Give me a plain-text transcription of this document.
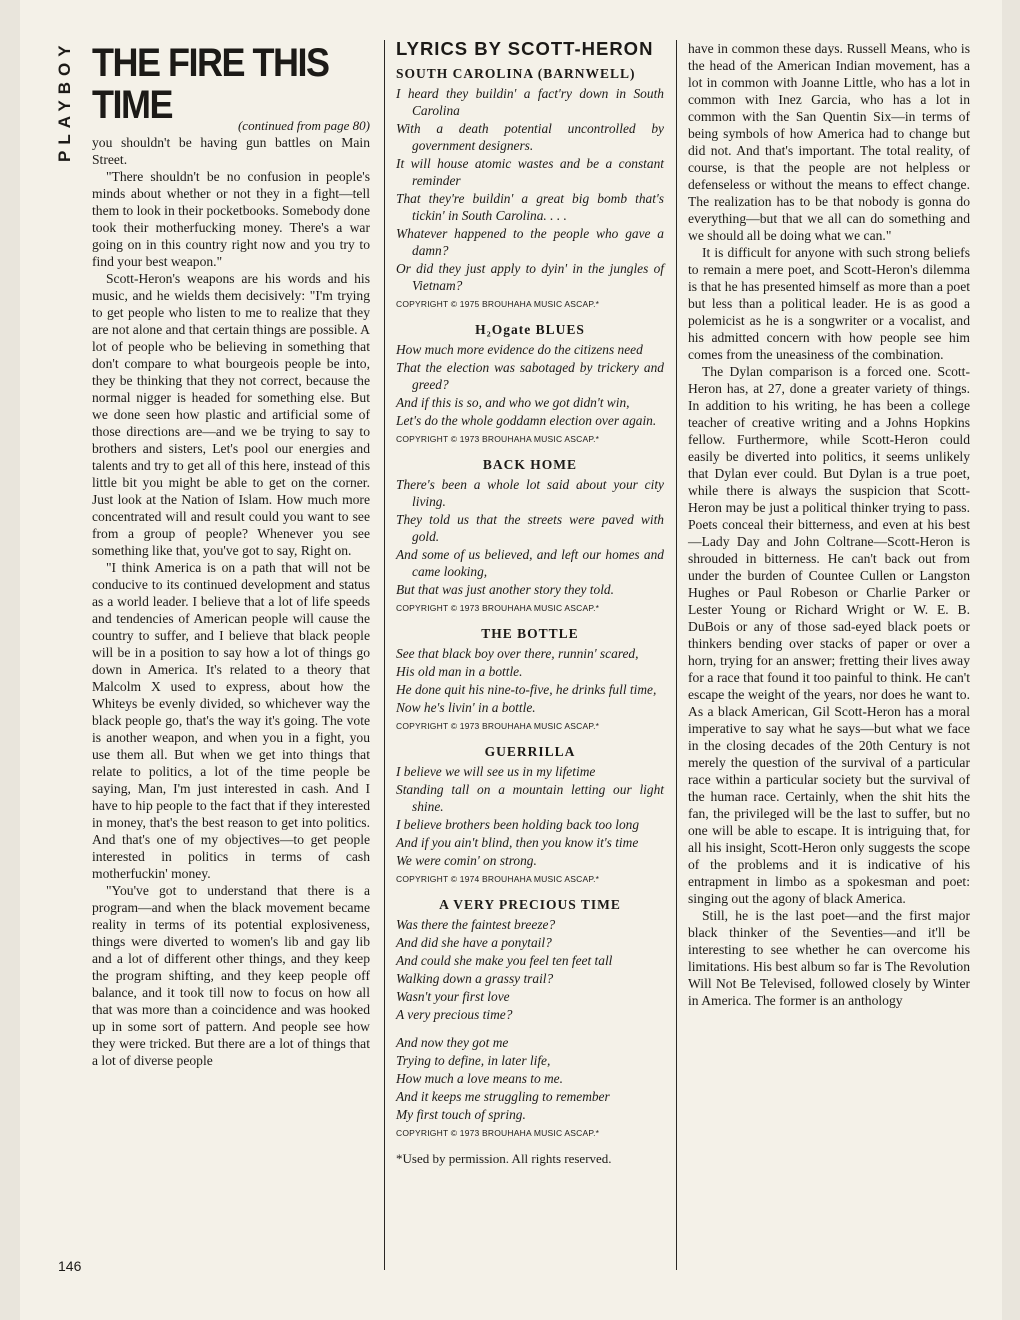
PLAYBOY
146
THE FIRE THIS TIME	(continued from page 80)

you shouldn't be having gun battles on Main Street.

"There shouldn't be no confusion in people's minds about whether or not they in a fight—tell them to look in their pocketbooks. Somebody done took their motherfucking money. There's a war going on in this country right now and you try to find your best weapon."

Scott-Heron's weapons are his words and his music, and he wields them decisively: "I'm trying to get people who listen to me to realize that they are not alone and that certain things are possible. A lot of people who be believing in something that don't compare to what bourgeois people be into, they be thinking that they not correct, because the normal nigger is headed for something else. But we done seen how plastic and artificial some of those directions are—and we be trying to say to brothers and sisters, Let's pool our energies and talents and try to get all of this here, instead of this little bit you might be able to get on the corner. Just look at the Nation of Islam. How much more concentrated will and result could you want to see from a group of people? Whenever you see something like that, you've got to say, Right on.

"I think America is on a path that will not be conducive to its continued development and status as a world leader. I believe that a lot of life speeds and tendencies of American people will cause the country to suffer, and I believe that black people will be in a position to say how a lot of things go down in America. It's related to a theory that Malcolm X used to express, about how the Whiteys be evenly divided, so whichever way the black people go, that's the way it's going. The vote is another weapon, and when you in a fight, you use them all. But when we get into things that relate to politics, a lot of the time people be saying, Man, I'm just interested in cash. And I have to hip people to the fact that if they interested in money, that's the best reason to get into politics. And that's one of my objectives—to get people interested in politics in terms of cash motherfuckin' money.

"You've got to understand that there is a program—and when the black movement became reality in terms of its potential explosiveness, things were diverted to women's lib and gay lib and a lot of different other things, and they keep the program shifting, and they keep people off balance, and it took till now to focus on how all that was more than a coincidence and was hooked up in some sort of pattern. And people see how they were tricked. But there are a lot of things that a lot of diverse people

LYRICS BY SCOTT-HERON
SOUTH CAROLINA (BARNWELL)
I heard they buildin' a fact'ry down in South Carolina
With a death potential uncontrolled by government designers.
It will house atomic wastes and be a constant reminder
That they're buildin' a great big bomb that's tickin' in South Carolina. . . .
Whatever happened to the people who gave a damn?
Or did they just apply to dyin' in the jungles of Vietnam?
COPYRIGHT © 1975 BROUHAHA MUSIC ASCAP.*
H₂Ogate BLUES
How much more evidence do the citizens need
That the election was sabotaged by trickery and greed?
And if this is so, and who we got didn't win,
Let's do the whole goddamn election over again.
COPYRIGHT © 1973 BROUHAHA MUSIC ASCAP.*
BACK HOME
There's been a whole lot said about your city living.
They told us that the streets were paved with gold.
And some of us believed, and left our homes and came looking,
But that was just another story they told.
COPYRIGHT © 1973 BROUHAHA MUSIC ASCAP.*
THE BOTTLE
See that black boy over there, runnin' scared,
His old man in a bottle.
He done quit his nine-to-five, he drinks full time,
Now he's livin' in a bottle.
COPYRIGHT © 1973 BROUHAHA MUSIC ASCAP.*
GUERRILLA
I believe we will see us in my lifetime
Standing tall on a mountain letting our light shine.
I believe brothers been holding back too long
And if you ain't blind, then you know it's time
We were comin' on strong.
COPYRIGHT © 1974 BROUHAHA MUSIC ASCAP.*
A VERY PRECIOUS TIME
Was there the faintest breeze?
And did she have a ponytail?
And could she make you feel ten feet tall
Walking down a grassy trail?
Wasn't your first love
A very precious time?
And now they got me
Trying to define, in later life,
How much a love means to me.
And it keeps me struggling to remember
My first touch of spring.
COPYRIGHT © 1973 BROUHAHA MUSIC ASCAP.*
*Used by permission. All rights reserved.

have in common these days. Russell Means, who is the head of the American Indian movement, has a lot in common with Joanne Little, who has a lot in common with Inez Garcia, who has a lot in common with the San Quentin Six—in terms of being symbols of how America had to change but did not. And that's important. The total reality, of course, is that the people are not helpless or defenseless or without the means to effect change. The realization has to be that nobody is gonna do everything—but that we all can do something and we should all be doing what we can."

It is difficult for anyone with such strong beliefs to remain a mere poet, and Scott-Heron's dilemma is that he has presented himself as more than a poet but less than a political leader. He is as good a polemicist as he is a songwriter or a vocalist, and his admitted concern with how people see him comes from the uneasiness of the combination.

The Dylan comparison is a forced one. Scott-Heron has, at 27, done a greater variety of things. In addition to his writing, he has been a college teacher of creative writing and a Johns Hopkins fellow. Furthermore, while Scott-Heron could easily be diverted into politics, it seems unlikely that Dylan ever could. But Dylan is a true poet, while there is always the suspicion that Scott-Heron may be just a political thinker trying to pass. Poets conceal their bitterness, and even at his best—Lady Day and John Coltrane—Scott-Heron is shrouded in bitterness. He can't back out from under the burden of Countee Cullen or Langston Hughes or Paul Robeson or Charlie Parker or Lester Young or Richard Wright or W. E. B. DuBois or any of those sad-eyed black poets or thinkers bending over stacks of paper or over a horn, trying for an answer; fretting their lives away for a race that found it too painful to think. He can't escape the weight of the years, nor does he want to. As a black American, Gil Scott-Heron has a moral imperative to say what he says—but what we face in the closing decades of the 20th Century is not merely the question of the survival of a particular race within a particular society but the survival of the human race. Certainly, when the shit hits the fan, the privileged will be the last to suffer, but no one will be able to escape. It is intriguing that, for all his insight, Scott-Heron only suggests the scope of the problems and it is indicative of his entrapment in limbo as a spokesman and poet: singing out the agony of black America.

Still, he is the last poet—and the first major black thinker of the Seventies—and it'll be interesting to see whether he can overcome his limitations. His best album so far is The Revolution Will Not Be Televised, followed closely by Winter in America. The former is an anthology
